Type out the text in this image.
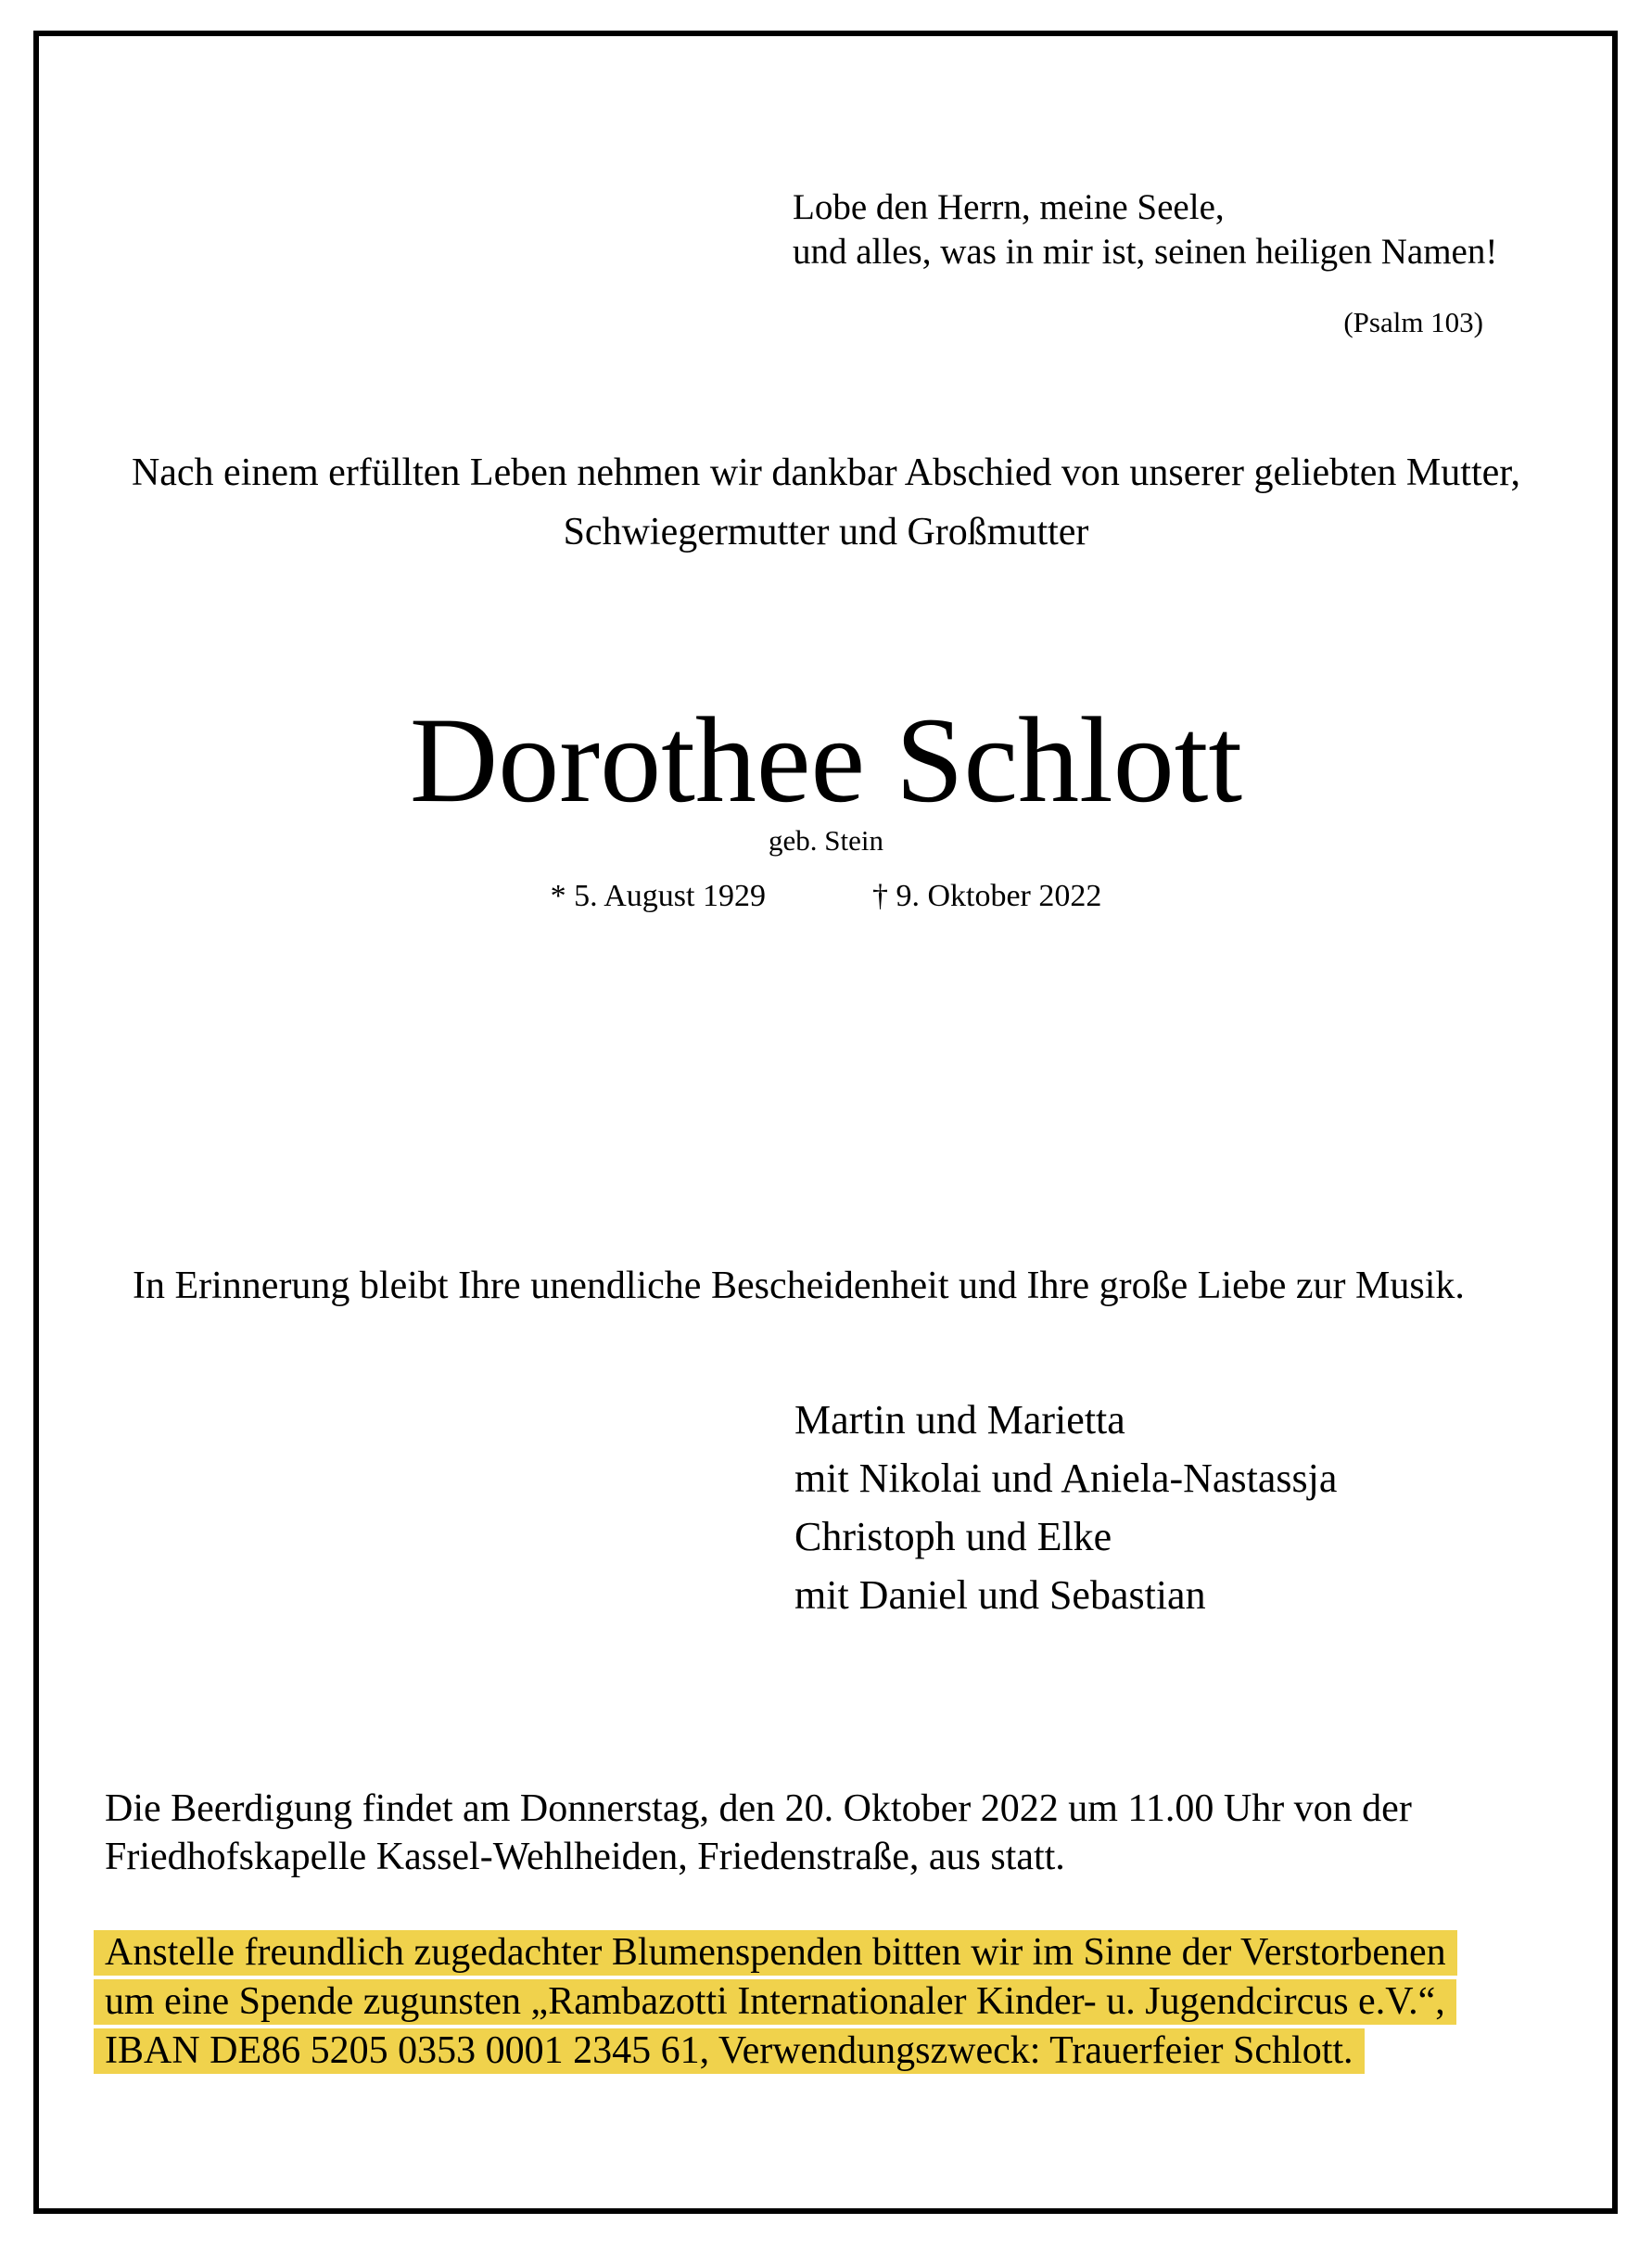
Lobe den Herrn, meine Seele,
und alles, was in mir ist, seinen heiligen Namen!
(Psalm 103)
Nach einem erfüllten Leben nehmen wir dankbar Abschied von unserer geliebten Mutter,
Schwiegermutter und Großmutter
Dorothee Schlott
geb. Stein
* 5. August 1929	† 9. Oktober 2022
In Erinnerung bleibt Ihre unendliche Bescheidenheit und Ihre große Liebe zur Musik.
Martin und Marietta
mit Nikolai und Aniela-Nastassja
Christoph und Elke
mit Daniel und Sebastian
Die Beerdigung findet am Donnerstag, den 20. Oktober 2022 um 11.00 Uhr von der
Friedhofskapelle Kassel-Wehlheiden, Friedenstraße, aus statt.
Anstelle freundlich zugedachter Blumenspenden bitten wir im Sinne der Verstorbenen
um eine Spende zugunsten „Rambazotti Internationaler Kinder- u. Jugendcircus e.V.“,
IBAN DE86 5205 0353 0001 2345 61, Verwendungszweck: Trauerfeier Schlott.
